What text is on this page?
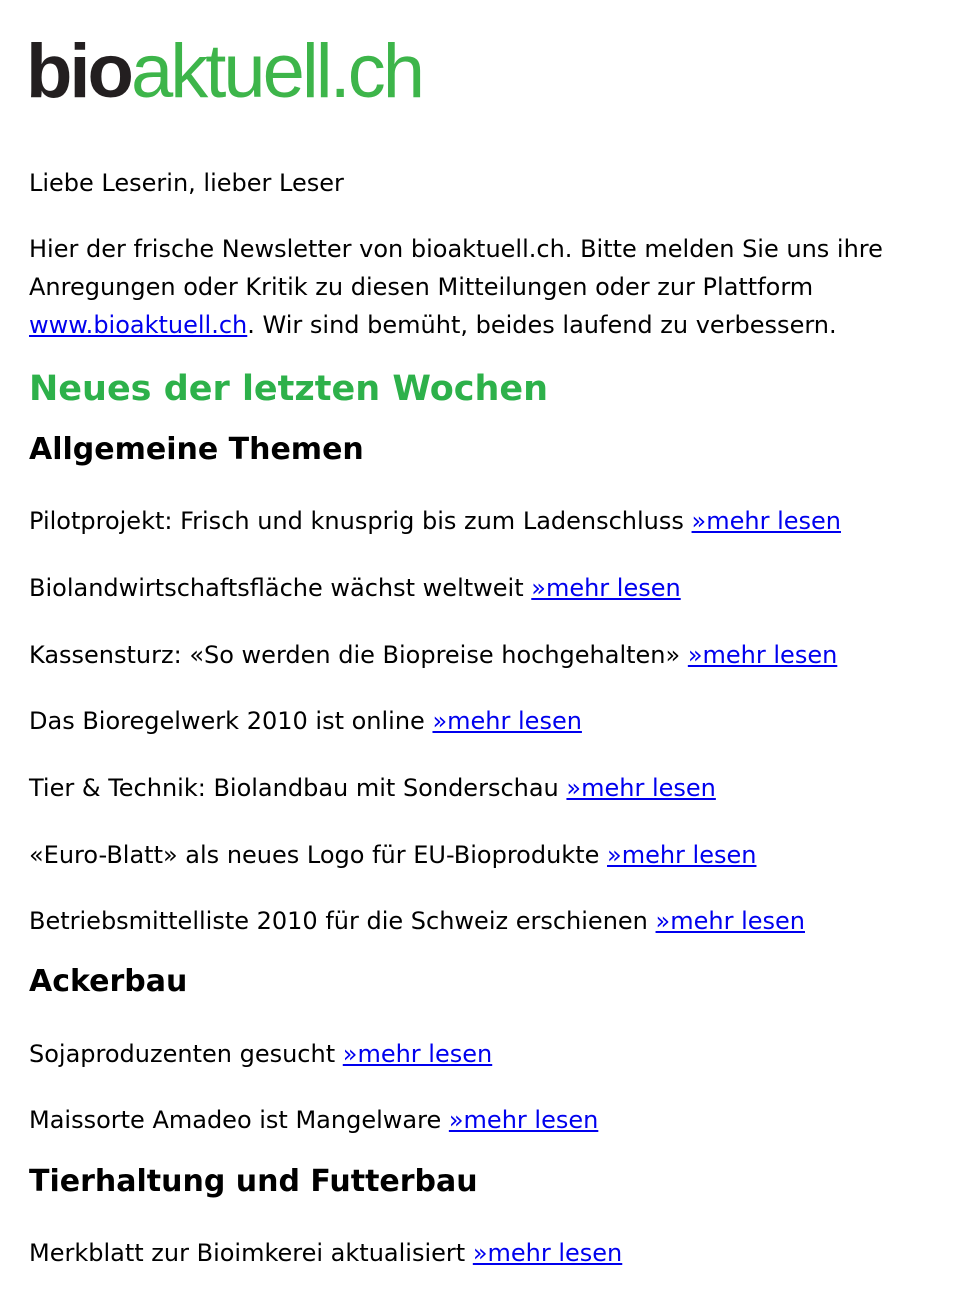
bioaktuell.ch

Liebe Leserin, lieber Leser

Hier der frische Newsletter von bioaktuell.ch. Bitte melden Sie uns ihre Anregungen oder Kritik zu diesen Mitteilungen oder zur Plattform www.bioaktuell.ch. Wir sind bemüht, beides laufend zu verbessern.

Neues der letzten Wochen
Allgemeine Themen

Pilotprojekt: Frisch und knusprig bis zum Ladenschluss »mehr lesen

Biolandwirtschaftsfläche wächst weltweit »mehr lesen

Kassensturz: «So werden die Biopreise hochgehalten» »mehr lesen

Das Bioregelwerk 2010 ist online »mehr lesen

Tier & Technik: Biolandbau mit Sonderschau »mehr lesen

«Euro-Blatt» als neues Logo für EU-Bioprodukte »mehr lesen

Betriebsmittelliste 2010 für die Schweiz erschienen »mehr lesen

Ackerbau

Sojaproduzenten gesucht »mehr lesen

Maissorte Amadeo ist Mangelware »mehr lesen

Tierhaltung und Futterbau

Merkblatt zur Bioimkerei aktualisiert »mehr lesen
